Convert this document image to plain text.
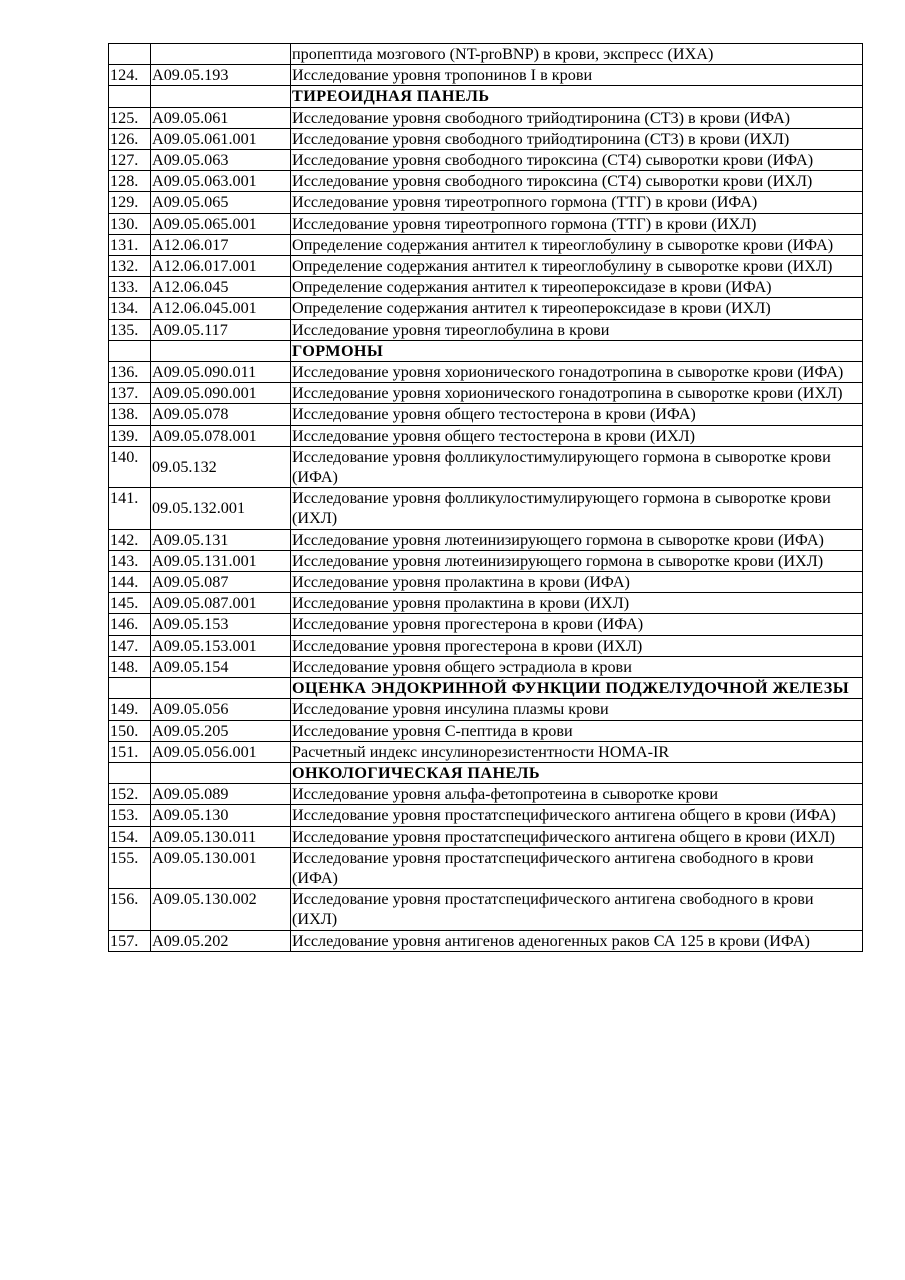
		пропептида мозгового (NT-proBNP) в крови, экспресс (ИХА)
124.	A09.05.193	Исследование уровня тропонинов I в крови
		ТИРЕОИДНАЯ ПАНЕЛЬ
125.	A09.05.061	Исследование уровня свободного трийодтиронина (СТ3) в крови (ИФА)
126.	A09.05.061.001	Исследование уровня свободного трийодтиронина (СТ3) в крови (ИХЛ)
127.	A09.05.063	Исследование уровня свободного тироксина (СТ4) сыворотки крови (ИФА)
128.	A09.05.063.001	Исследование уровня свободного тироксина (СТ4) сыворотки крови (ИХЛ)
129.	A09.05.065	Исследование уровня тиреотропного гормона (ТТГ) в крови (ИФА)
130.	A09.05.065.001	Исследование уровня тиреотропного гормона (ТТГ) в крови (ИХЛ)
131.	A12.06.017	Определение содержания антител к тиреоглобулину в сыворотке крови (ИФА)
132.	A12.06.017.001	Определение содержания антител к тиреоглобулину в сыворотке крови (ИХЛ)
133.	A12.06.045	Определение содержания антител к тиреопероксидазе в крови (ИФА)
134.	A12.06.045.001	Определение содержания антител к тиреопероксидазе в крови (ИХЛ)
135.	A09.05.117	Исследование уровня тиреоглобулина в крови
		ГОРМОНЫ
136.	A09.05.090.011	Исследование уровня хорионического гонадотропина в сыворотке крови (ИФА)
137.	A09.05.090.001	Исследование уровня хорионического гонадотропина в сыворотке крови (ИХЛ)
138.	A09.05.078	Исследование уровня общего тестостерона в крови (ИФА)
139.	A09.05.078.001	Исследование уровня общего тестостерона в крови (ИХЛ)
140.	09.05.132	Исследование уровня фолликулостимулирующего гормона в сыворотке крови (ИФА)
141.	09.05.132.001	Исследование уровня фолликулостимулирующего гормона в сыворотке крови (ИХЛ)
142.	A09.05.131	Исследование уровня лютеинизирующего гормона в сыворотке крови (ИФА)
143.	A09.05.131.001	Исследование уровня лютеинизирующего гормона в сыворотке крови (ИХЛ)
144.	A09.05.087	Исследование уровня пролактина в крови (ИФА)
145.	A09.05.087.001	Исследование уровня пролактина в крови (ИХЛ)
146.	A09.05.153	Исследование уровня прогестерона в крови (ИФА)
147.	A09.05.153.001	Исследование уровня прогестерона в крови (ИХЛ)
148.	A09.05.154	Исследование уровня общего эстрадиола в крови
		ОЦЕНКА ЭНДОКРИННОЙ ФУНКЦИИ ПОДЖЕЛУДОЧНОЙ ЖЕЛЕЗЫ
149.	A09.05.056	Исследование уровня инсулина плазмы крови
150.	A09.05.205	Исследование уровня С-пептида в крови
151.	A09.05.056.001	Расчетный индекс инсулинорезистентности HOMA-IR
		ОНКОЛОГИЧЕСКАЯ ПАНЕЛЬ
152.	A09.05.089	Исследование уровня альфа-фетопротеина в сыворотке крови
153.	A09.05.130	Исследование уровня простатспецифического антигена общего в крови (ИФА)
154.	A09.05.130.011	Исследование уровня простатспецифического антигена общего в крови (ИХЛ)
155.	A09.05.130.001	Исследование уровня простатспецифического антигена свободного в крови (ИФА)
156.	A09.05.130.002	Исследование уровня простатспецифического антигена свободного в крови (ИХЛ)
157.	A09.05.202	Исследование уровня антигенов аденогенных раков СА 125 в крови (ИФА)
